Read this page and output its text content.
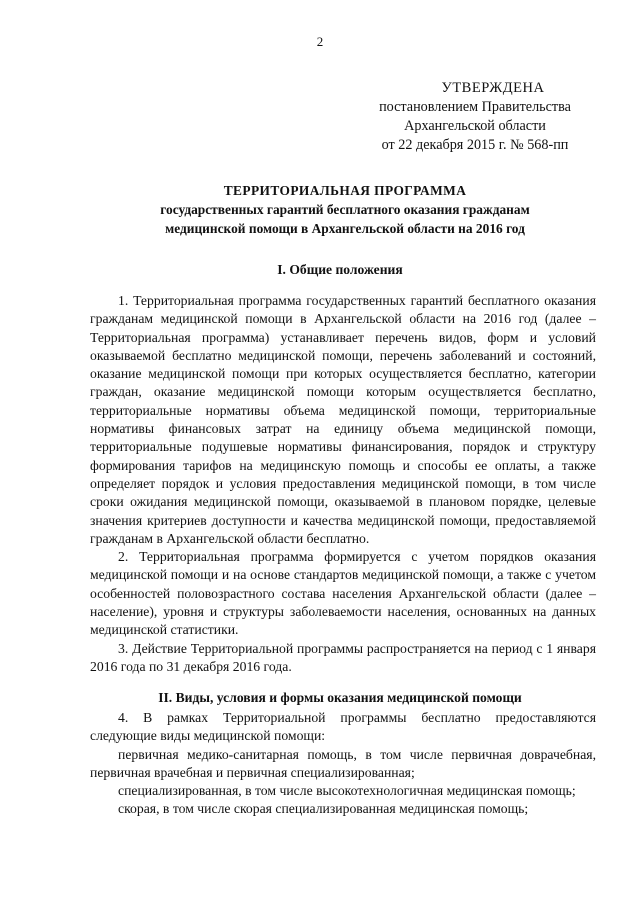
2
УТВЕРЖДЕНА
постановлением Правительства
Архангельской области
от 22 декабря 2015 г. № 568-пп
ТЕРРИТОРИАЛЬНАЯ ПРОГРАММА
государственных гарантий бесплатного оказания гражданам
медицинской помощи в Архангельской области на 2016 год
I. Общие положения

1. Территориальная программа государственных гарантий бесплатного оказания гражданам медицинской помощи в Архангельской области на 2016 год (далее – Территориальная программа) устанавливает перечень видов, форм и условий оказываемой бесплатно медицинской помощи, перечень заболеваний и состояний, оказание медицинской помощи при которых осуществляется бесплатно, категории граждан, оказание медицинской помощи которым осуществляется бесплатно, территориальные нормативы объема медицинской помощи, территориальные нормативы финансовых затрат на единицу объема медицинской помощи, территориальные подушевые нормативы финансирования, порядок и структуру формирования тарифов на медицинскую помощь и способы ее оплаты, а также определяет порядок и условия предоставления медицинской помощи, в том числе сроки ожидания медицинской помощи, оказываемой в плановом порядке, целевые значения критериев доступности и качества медицинской помощи, предоставляемой гражданам в Архангельской области бесплатно.

2. Территориальная программа формируется с учетом порядков оказания медицинской помощи и на основе стандартов медицинской помощи, а также с учетом особенностей половозрастного состава населения Архангельской области (далее – население), уровня и структуры заболеваемости населения, основанных на данных медицинской статистики.

3. Действие Территориальной программы распространяется на период с 1 января 2016 года по 31 декабря 2016 года.

II. Виды, условия и формы оказания медицинской помощи

4. В рамках Территориальной программы бесплатно предоставляются следующие виды медицинской помощи:

первичная медико-санитарная помощь, в том числе первичная доврачебная, первичная врачебная и первичная специализированная;

специализированная, в том числе высокотехнологичная медицинская помощь;

скорая, в том числе скорая специализированная медицинская помощь;
